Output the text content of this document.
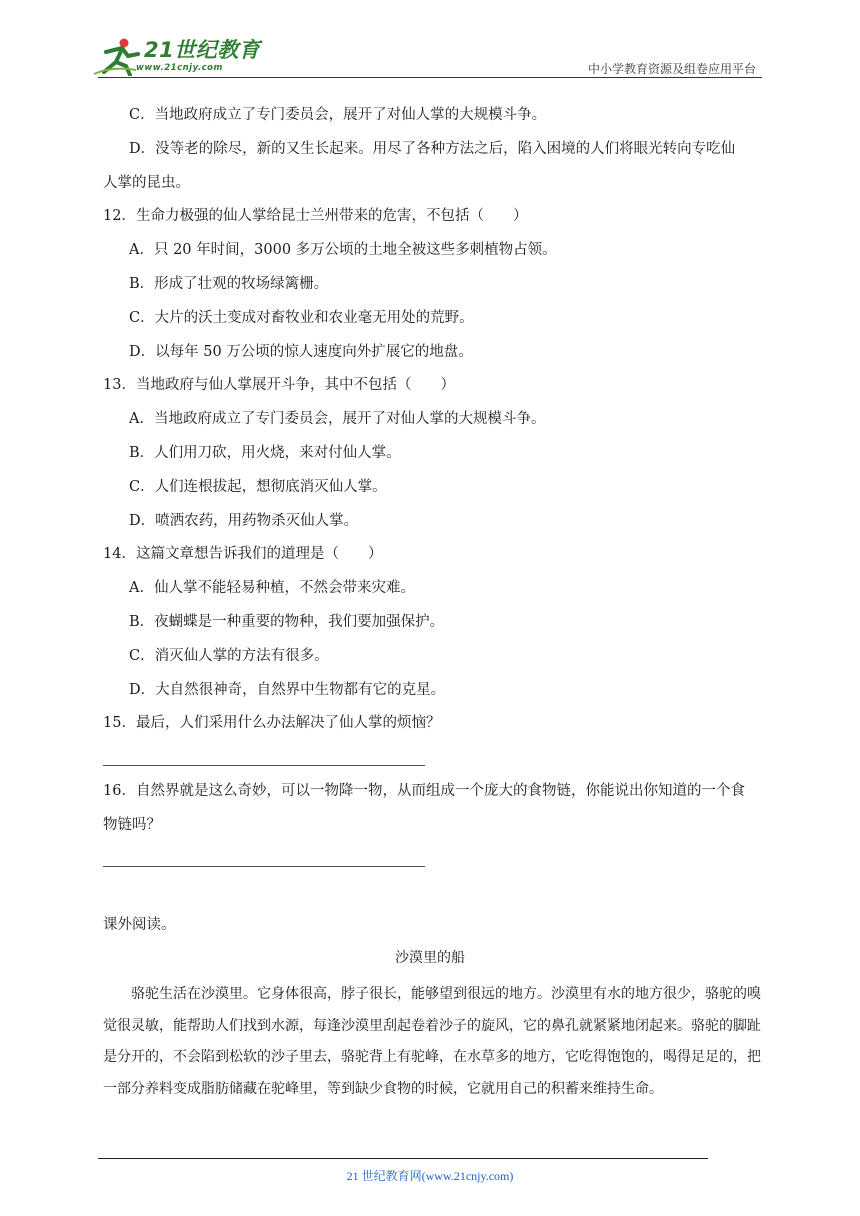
21世纪教育
www.21cnjy.com	中小学教育资源及组卷应用平台
C．当地政府成立了专门委员会，展开了对仙人掌的大规模斗争。
D．没等老的除尽，新的又生长起来。用尽了各种方法之后，陷入困境的人们将眼光转向专吃仙
人掌的昆虫。
12．生命力极强的仙人掌给昆士兰州带来的危害，不包括（　　）
A．只 20 年时间，3000 多万公顷的土地全被这些多刺植物占领。
B．形成了壮观的牧场绿篱栅。
C．大片的沃土变成对畜牧业和农业毫无用处的荒野。
D．以每年 50 万公顷的惊人速度向外扩展它的地盘。
13．当地政府与仙人掌展开斗争，其中不包括（　　）
A．当地政府成立了专门委员会，展开了对仙人掌的大规模斗争。
B．人们用刀砍，用火烧，来对付仙人掌。
C．人们连根拔起，想彻底消灭仙人掌。
D．喷洒农药，用药物杀灭仙人掌。
14．这篇文章想告诉我们的道理是（　　）
A．仙人掌不能轻易种植，不然会带来灾难。
B．夜蝴蝶是一种重要的物种，我们要加强保护。
C．消灭仙人掌的方法有很多。
D．大自然很神奇，自然界中生物都有它的克星。
15．最后，人们采用什么办法解决了仙人掌的烦恼？
16．自然界就是这么奇妙，可以一物降一物，从而组成一个庞大的食物链，你能说出你知道的一个食
物链吗？
课外阅读。
沙漠里的船
骆驼生活在沙漠里。它身体很高，脖子很长，能够望到很远的地方。沙漠里有水的地方很少，骆驼的嗅觉很灵敏，能帮助人们找到水源，每逢沙漠里刮起卷着沙子的旋风，它的鼻孔就紧紧地闭起来。骆驼的脚趾是分开的，不会陷到松软的沙子里去，骆驼背上有驼峰，在水草多的地方，它吃得饱饱的，喝得足足的，把一部分养料变成脂肪储藏在驼峰里，等到缺少食物的时候，它就用自己的积蓄来维持生命。
21 世纪教育网(www.21cnjy.com)
